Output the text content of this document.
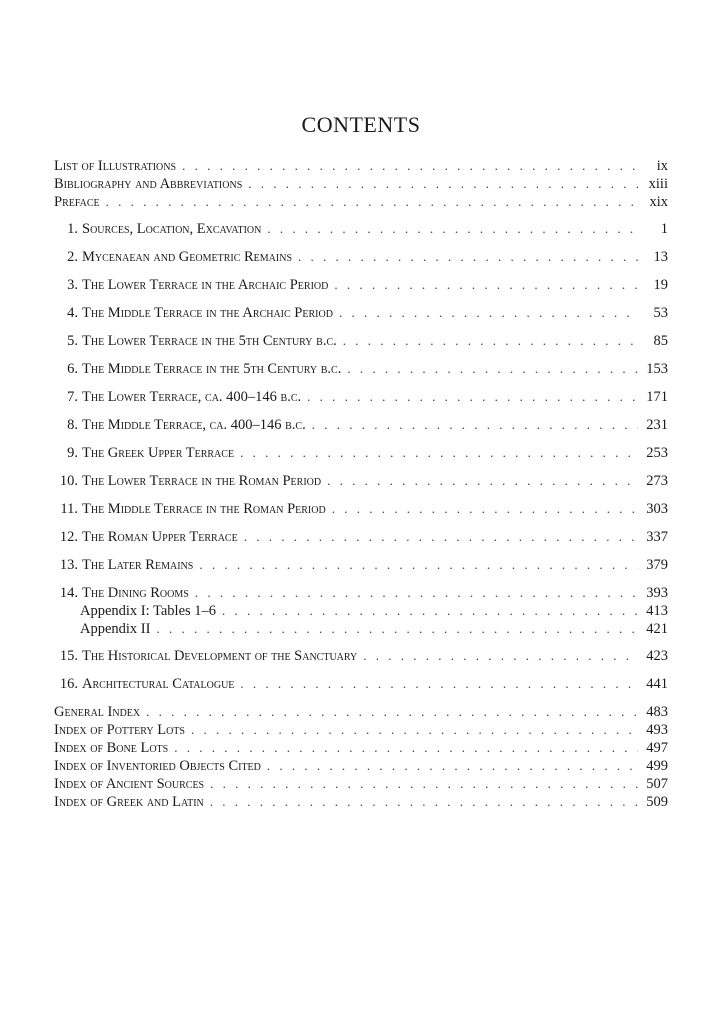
CONTENTS
List of Illustrations . . .	ix
Bibliography and Abbreviations . . .	xiii
Preface . . .	xix
1. Sources, Location, Excavation . . .	1
2. Mycenaean and Geometric Remains . . .	13
3. The Lower Terrace in the Archaic Period . . .	19
4. The Middle Terrace in the Archaic Period . . .	53
5. The Lower Terrace in the 5th Century b.c. . . .	85
6. The Middle Terrace in the 5th Century b.c. . . .	153
7. The Lower Terrace, ca. 400–146 b.c. . . .	171
8. The Middle Terrace, ca. 400–146 b.c. . . .	231
9. The Greek Upper Terrace . . .	253
10. The Lower Terrace in the Roman Period . . .	273
11. The Middle Terrace in the Roman Period . . .	303
12. The Roman Upper Terrace . . .	337
13. The Later Remains . . .	379
14. The Dining Rooms . . .	393
Appendix I: Tables 1–6 . . .	413
Appendix II . . .	421
15. The Historical Development of the Sanctuary . . .	423
16. Architectural Catalogue . . .	441
General Index . . .	483
Index of Pottery Lots . . .	493
Index of Bone Lots . . .	497
Index of Inventoried Objects Cited . . .	499
Index of Ancient Sources . . .	507
Index of Greek and Latin . . .	509
